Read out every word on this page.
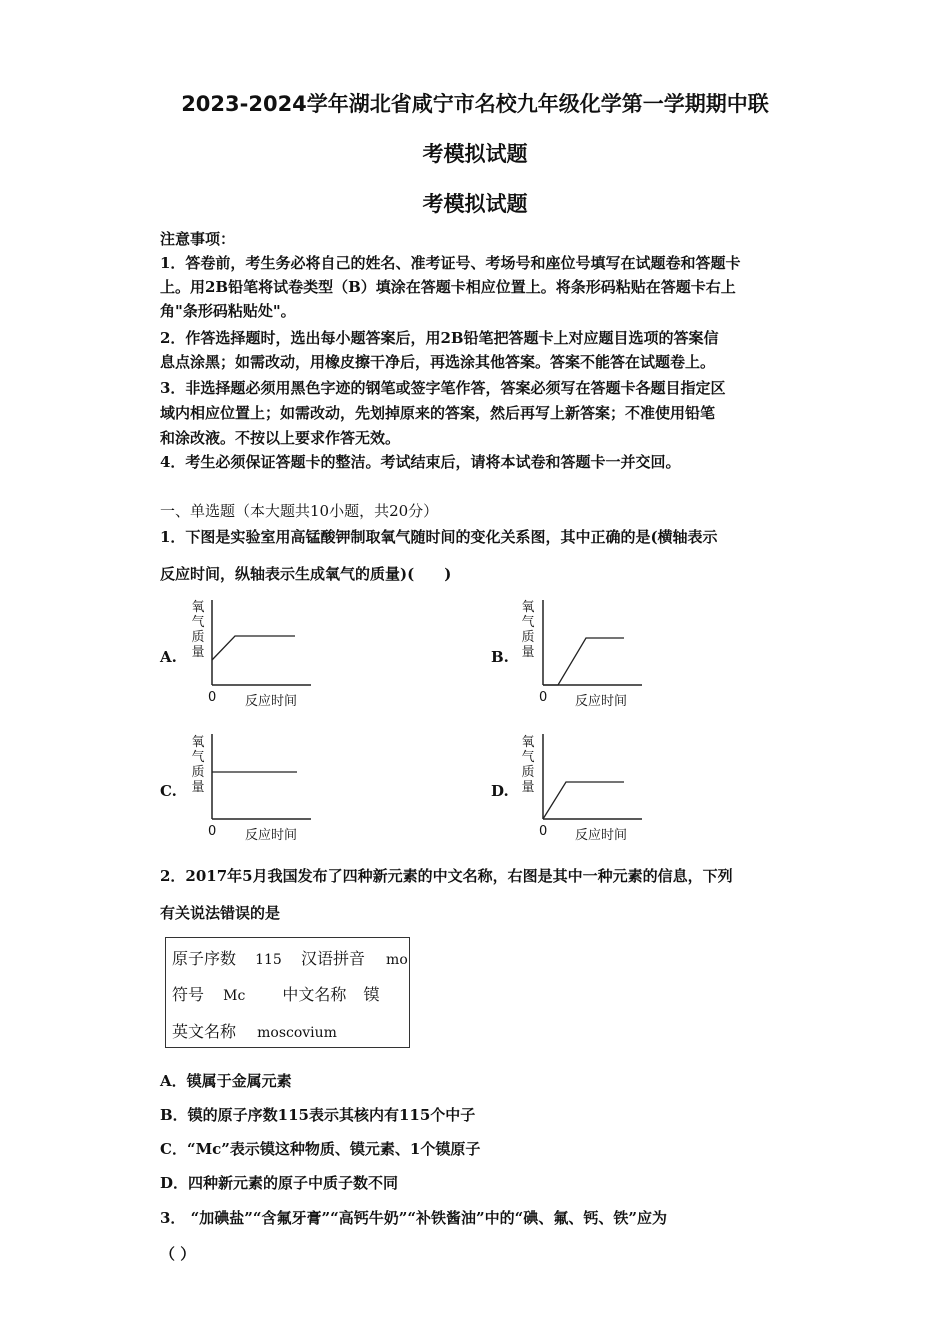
2023-2024学年湖北省咸宁市名校九年级化学第一学期期中联
考模拟试题
考模拟试题
注意事项：
1．答卷前，考生务必将自己的姓名、准考证号、考场号和座位号填写在试题卷和答题卡
上。用2B铅笔将试卷类型（B）填涂在答题卡相应位置上。将条形码粘贴在答题卡右上
角"条形码粘贴处"。
2．作答选择题时，选出每小题答案后，用2B铅笔把答题卡上对应题目选项的答案信
息点涂黑；如需改动，用橡皮擦干净后，再选涂其他答案。答案不能答在试题卷上。
3．非选择题必须用黑色字迹的钢笔或签字笔作答，答案必须写在答题卡各题目指定区
域内相应位置上；如需改动，先划掉原来的答案，然后再写上新答案；不准使用铅笔
和涂改液。不按以上要求作答无效。
4．考生必须保证答题卡的整洁。考试结束后，请将本试卷和答题卡一并交回。
一、单选题（本大题共10小题，共20分）
1．下图是实验室用高锰酸钾制取氧气随时间的变化关系图，其中正确的是(横轴表示
反应时间，纵轴表示生成氧气的质量)(　　)
A.
氧气质量
0 反应时间
B.
氧气质量
0 反应时间
C.
氧气质量
0 反应时间
D.
氧气质量
0 反应时间
2．2017年5月我国发布了四种新元素的中文名称，右图是其中一种元素的信息，下列
有关说法错误的是
原子序数 115 汉语拼音 mo
符号 Mc 中文名称 镆
英文名称 moscovium
A．镆属于金属元素
B．镆的原子序数115表示其核内有115个中子
C．“Mc”表示镆这种物质、镆元素、1个镆原子
D．四种新元素的原子中质子数不同
3． “加碘盐”“含氟牙膏”“高钙牛奶”“补铁酱油”中的“碘、氟、钙、铁”应为
（ ）
